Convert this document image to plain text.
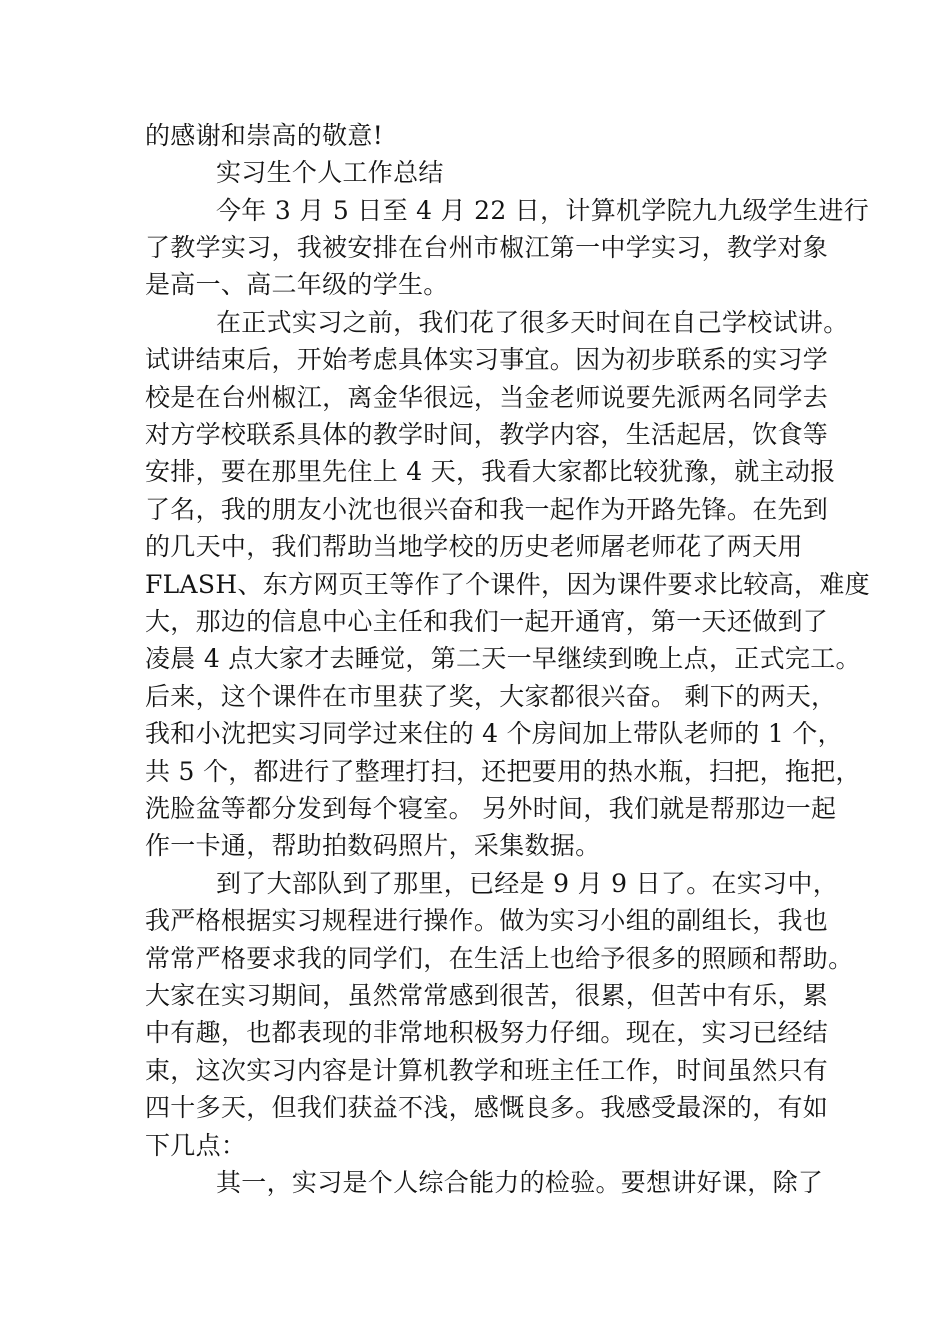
的感谢和崇高的敬意!
实习生个人工作总结
今年 3 月 5 日至 4 月 22 日，计算机学院九九级学生进行
了教学实习，我被安排在台州市椒江第一中学实习，教学对象
是高一、高二年级的学生。
在正式实习之前，我们花了很多天时间在自己学校试讲。
试讲结束后，开始考虑具体实习事宜。因为初步联系的实习学
校是在台州椒江，离金华很远，当金老师说要先派两名同学去
对方学校联系具体的教学时间，教学内容，生活起居，饮食等
安排，要在那里先住上 4 天，我看大家都比较犹豫，就主动报
了名，我的朋友小沈也很兴奋和我一起作为开路先锋。在先到
的几天中，我们帮助当地学校的历史老师屠老师花了两天用
FLASH、东方网页王等作了个课件，因为课件要求比较高，难度
大，那边的信息中心主任和我们一起开通宵，第一天还做到了
凌晨 4 点大家才去睡觉，第二天一早继续到晚上点，正式完工。
后来，这个课件在市里获了奖，大家都很兴奋。 剩下的两天，
我和小沈把实习同学过来住的 4 个房间加上带队老师的 1 个，
共 5 个，都进行了整理打扫，还把要用的热水瓶，扫把，拖把，
洗脸盆等都分发到每个寝室。 另外时间，我们就是帮那边一起
作一卡通，帮助拍数码照片，采集数据。
到了大部队到了那里，已经是 9 月 9 日了。在实习中，
我严格根据实习规程进行操作。做为实习小组的副组长，我也
常常严格要求我的同学们，在生活上也给予很多的照顾和帮助。
大家在实习期间，虽然常常感到很苦，很累，但苦中有乐，累
中有趣，也都表现的非常地积极努力仔细。现在，实习已经结
束，这次实习内容是计算机教学和班主任工作，时间虽然只有
四十多天，但我们获益不浅，感慨良多。我感受最深的，有如
下几点：
其一，实习是个人综合能力的检验。要想讲好课，除了
